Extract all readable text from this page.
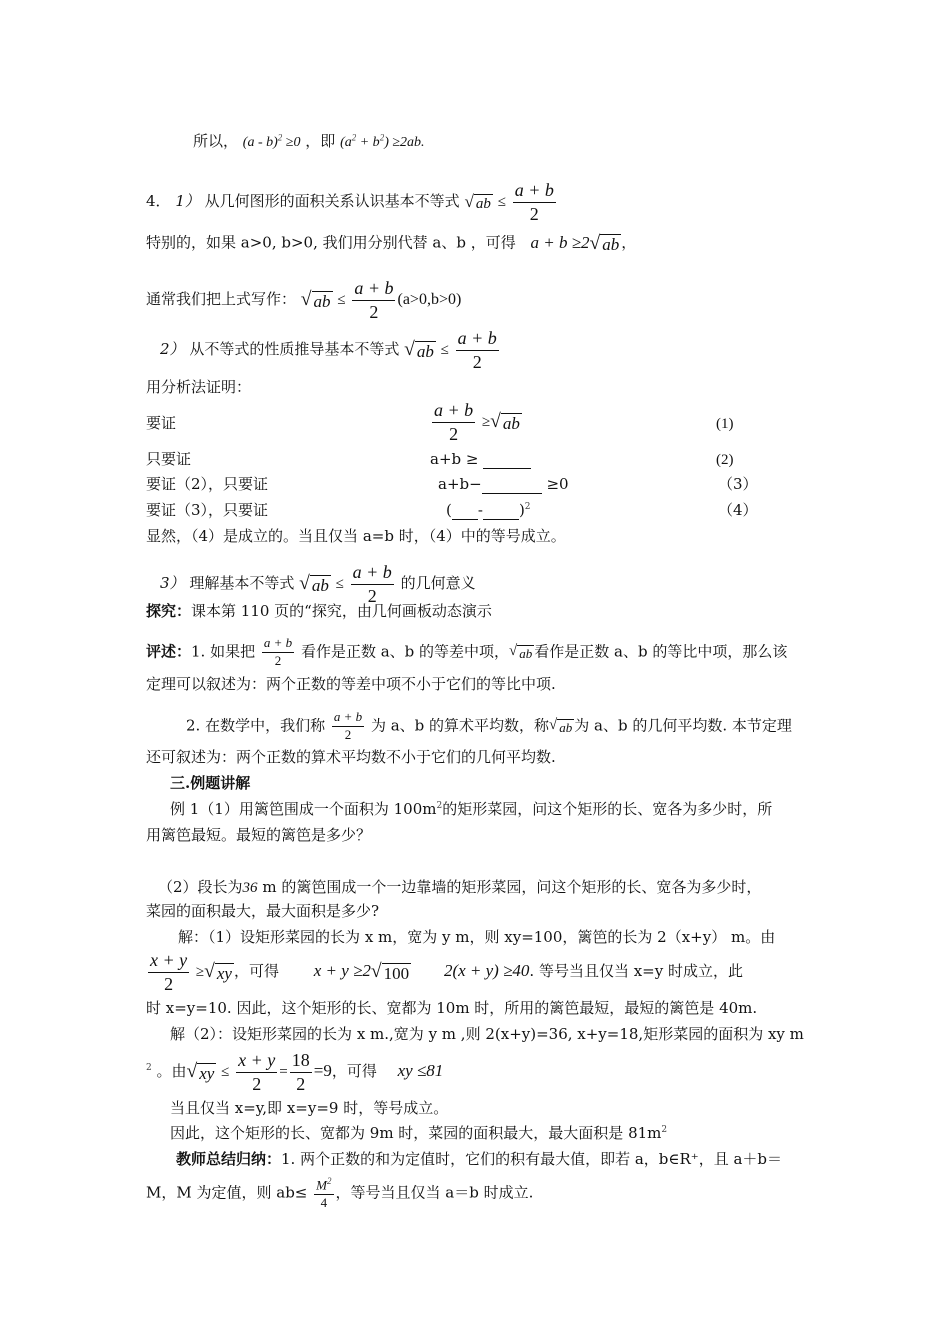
所以， (a - b)$^2$ ≥0 ，即 $(a^2 + b^2) \ge 2ab$.
4． 1） 从几何图形的面积关系认识基本不等式 √ ab ≤ $\frac{a + b}{2}$
特别的，如果 a>0, b>0, 我们用分别代替 a、b ，可得 a + b ≥2 √ ab ，
通常我们把上式写作： √ ab ≤ $\frac{a + b}{2} (a>0,b>0)$
2） 从不等式的性质推导基本不等式 √ ab ≤ $\frac{a + b}{2}$
用分析法证明：
要证	$\frac{a + b}{2}$ ≥ √ ab	(1)
只要证	a+b ≥	(2)
要证（2），只要证	a+b−	≥0	（3）
要证（3），只要证	( - )$^2$	（4）
显然，（4）是成立的。当且仅当 a=b 时，（4）中的等号成立。
3） 理解基本不等式 √ ab ≤ $\frac{a + b}{2}$ 的几何意义
探究：课本第 110 页的“探究，由几何画板动态演示
评述：1. 如果把 $\frac{a + b}{2}$ 看作是正数 a、b 的等差中项， √ ab 看作是正数 a、b 的等比中项，那么该
定理可以叙述为：两个正数的等差中项不小于它们的等比中项.
2. 在数学中，我们称 $\frac{a + b}{2}$ 为 a、b 的算术平均数，称 √ ab 为 a、b 的几何平均数. 本节定理
还可叙述为：两个正数的算术平均数不小于它们的几何平均数.
三.例题讲解
例 1（1）用篱笆围成一个面积为 $100m^2$的矩形菜园，问这个矩形的长、宽各为多少时，所
用篱笆最短。最短的篱笆是多少？
（2）段长为36 m 的篱笆围成一个一边靠墙的矩形菜园，问这个矩形的长、宽各为多少时，
菜园的面积最大，最大面积是多少?
解：（1）设矩形菜园的长为 x m，宽为 y m，则 xy=100，篱笆的长为 2（x+y） m。由
$\frac{x + y}{2}$ ≥ √ xy ，可得 x + y ≥2 √ 100 2(x + y) ≥40. 等号当且仅当 x=y 时成立，此
时 x=y=10. 因此，这个矩形的长、宽都为 10m 时，所用的篱笆最短，最短的篱笆是 40m.
解（2）：设矩形菜园的长为 x m.,宽为 y m ,则 2(x+y)=36, x+y=18,矩形菜园的面积为 xy m
$^2$ 。由 √ xy ≤ $\frac{x + y}{2} = \frac{18}{2} =9$，可得 xy ≤81
当且仅当 x=y,即 x=y=9 时，等号成立。
因此，这个矩形的长、宽都为 9m 时，菜园的面积最大，最大面积是 $81m^2$
教师总结归纳：1. 两个正数的和为定值时，它们的积有最大值，即若 a，b∈R⁺，且 a＋b＝
M，M 为定值，则 $ab\le \frac{M^2}{4}$ ，等号当且仅当 a＝b 时成立.
